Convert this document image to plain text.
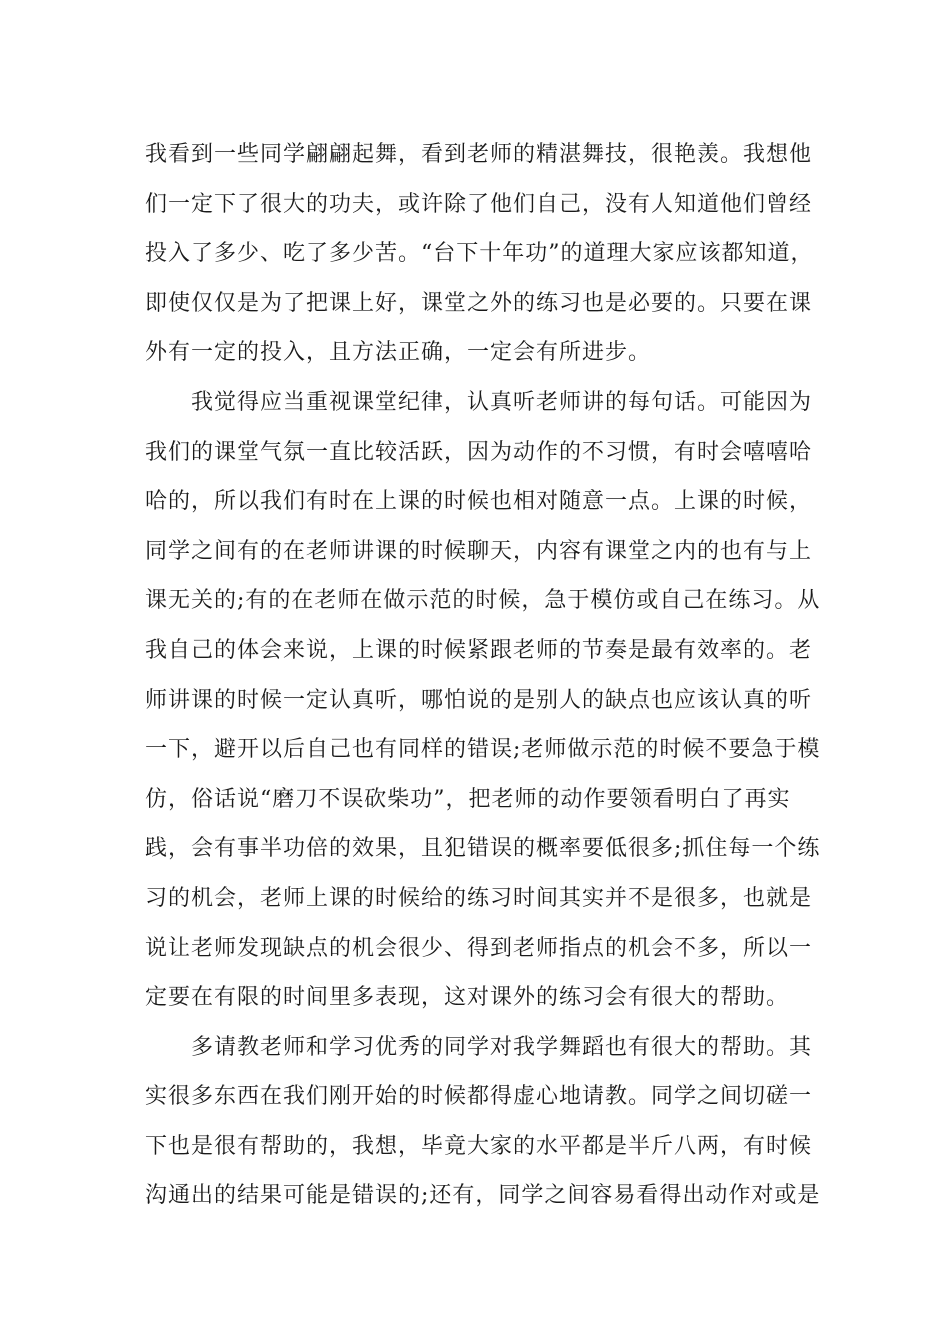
我看到一些同学翩翩起舞，看到老师的精湛舞技，很艳羡。我想他
们一定下了很大的功夫，或许除了他们自己，没有人知道他们曾经
投入了多少、吃了多少苦。“台下十年功”的道理大家应该都知道，
即使仅仅是为了把课上好，课堂之外的练习也是必要的。只要在课
外有一定的投入，且方法正确，一定会有所进步。
我觉得应当重视课堂纪律，认真听老师讲的每句话。可能因为
我们的课堂气氛一直比较活跃，因为动作的不习惯，有时会嘻嘻哈
哈的，所以我们有时在上课的时候也相对随意一点。上课的时候，
同学之间有的在老师讲课的时候聊天，内容有课堂之内的也有与上
课无关的;有的在老师在做示范的时候，急于模仿或自己在练习。从
我自己的体会来说，上课的时候紧跟老师的节奏是最有效率的。老
师讲课的时候一定认真听，哪怕说的是别人的缺点也应该认真的听
一下，避开以后自己也有同样的错误;老师做示范的时候不要急于模
仿，俗话说“磨刀不误砍柴功”，把老师的动作要领看明白了再实
践，会有事半功倍的效果，且犯错误的概率要低很多;抓住每一个练
习的机会，老师上课的时候给的练习时间其实并不是很多，也就是
说让老师发现缺点的机会很少、得到老师指点的机会不多，所以一
定要在有限的时间里多表现，这对课外的练习会有很大的帮助。
多请教老师和学习优秀的同学对我学舞蹈也有很大的帮助。其
实很多东西在我们刚开始的时候都得虚心地请教。同学之间切磋一
下也是很有帮助的，我想，毕竟大家的水平都是半斤八两，有时候
沟通出的结果可能是错误的;还有，同学之间容易看得出动作对或是
